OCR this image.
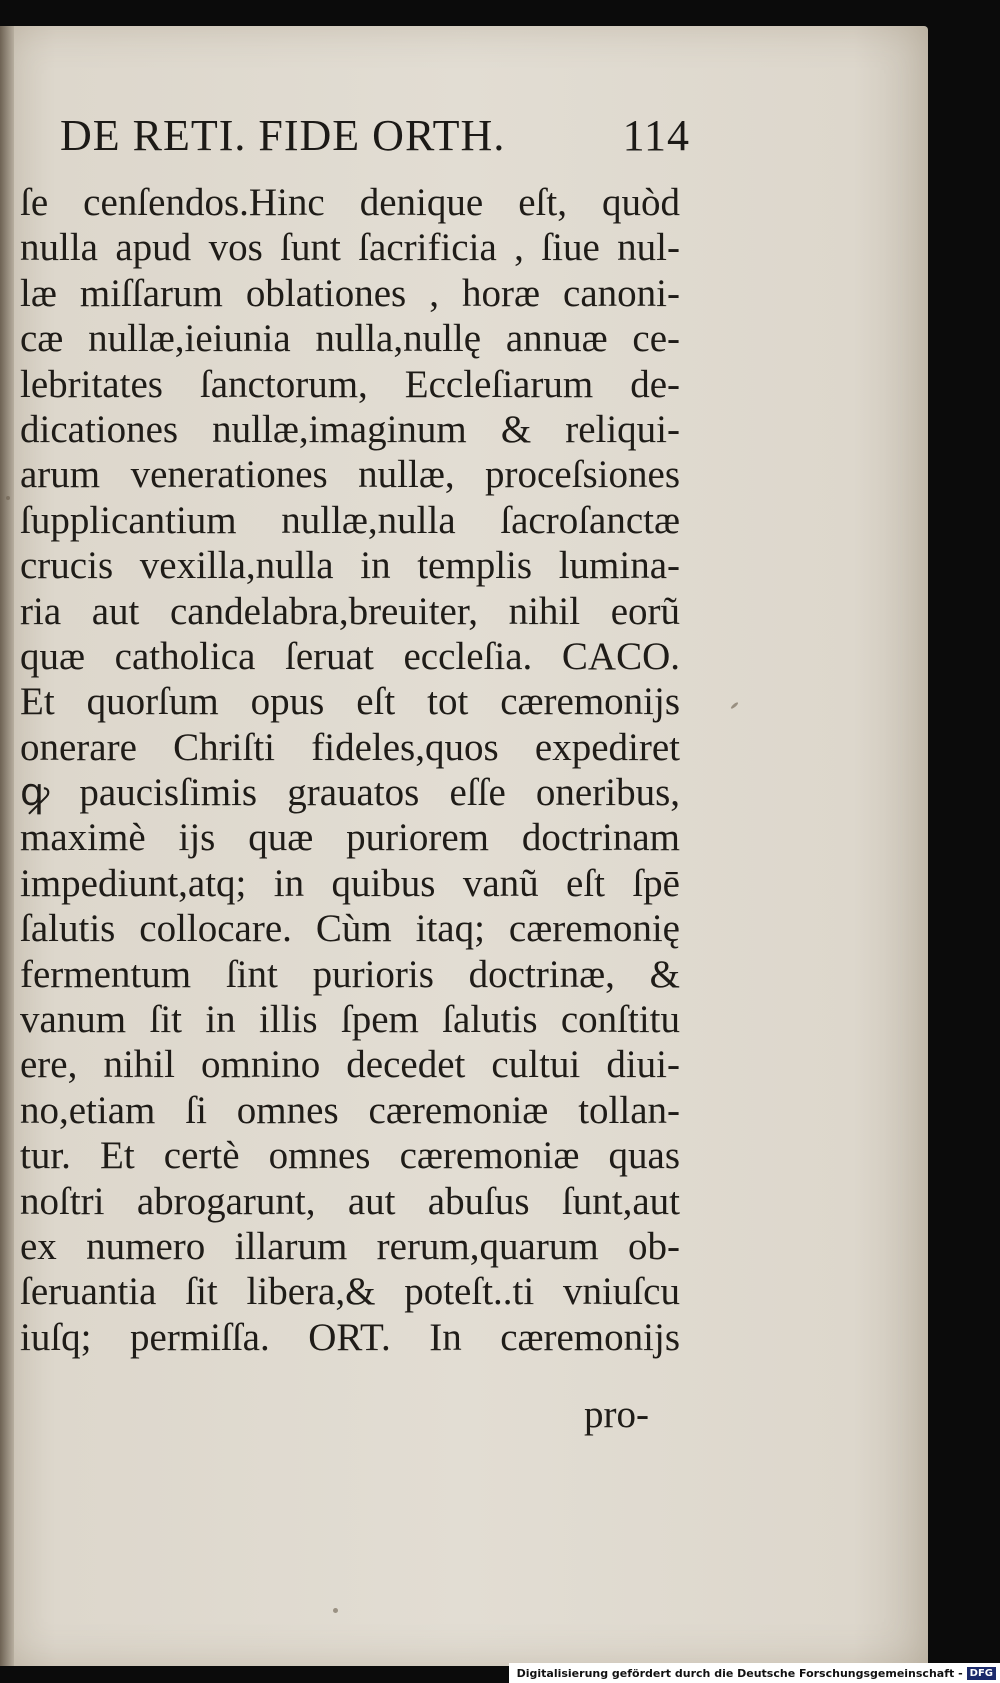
DE RETI. FIDE ORTH.	114
ſe cenſendos.Hinc denique eſt, quòd
nulla apud vos ſunt ſacrificia , ſiue nul-
læ miſſarum oblationes , horæ canoni-
cæ nullæ,ieiunia nulla,nullę annuæ ce-
lebritates ſanctorum, Eccleſiarum de-
dicationes nullæ,imaginum & reliqui-
arum venerationes nullæ, proceſsiones
ſupplicantium nullæ,nulla ſacroſanctæ
crucis vexilla,nulla in templis lumina-
ria aut candelabra,breuiter, nihil eorũ
quæ catholica ſeruat eccleſia. CACO.
Et quorſum opus eſt tot cæremonijs
onerare Chriſti fideles,quos expediret
ꝙ paucisſimis grauatos eſſe oneribus,
maximè ijs quæ puriorem doctrinam
impediunt,atq; in quibus vanũ eſt ſpē
ſalutis collocare. Cùm itaq; cæremonię
fermentum ſint purioris doctrinæ, &
vanum ſit in illis ſpem ſalutis conſtitu
ere, nihil omnino decedet cultui diui-
no,etiam ſi omnes cæremoniæ tollan-
tur. Et certè omnes cæremoniæ quas
noſtri abrogarunt, aut abuſus ſunt,aut
ex numero illarum rerum,quarum ob-
ſeruantia ſit libera,& poteſt..ti vniuſcu
iuſq; permiſſa. ORT. In cæremonijs
pro-
Digitalisierung gefördert durch die Deutsche Forschungsgemeinschaft - DFG
